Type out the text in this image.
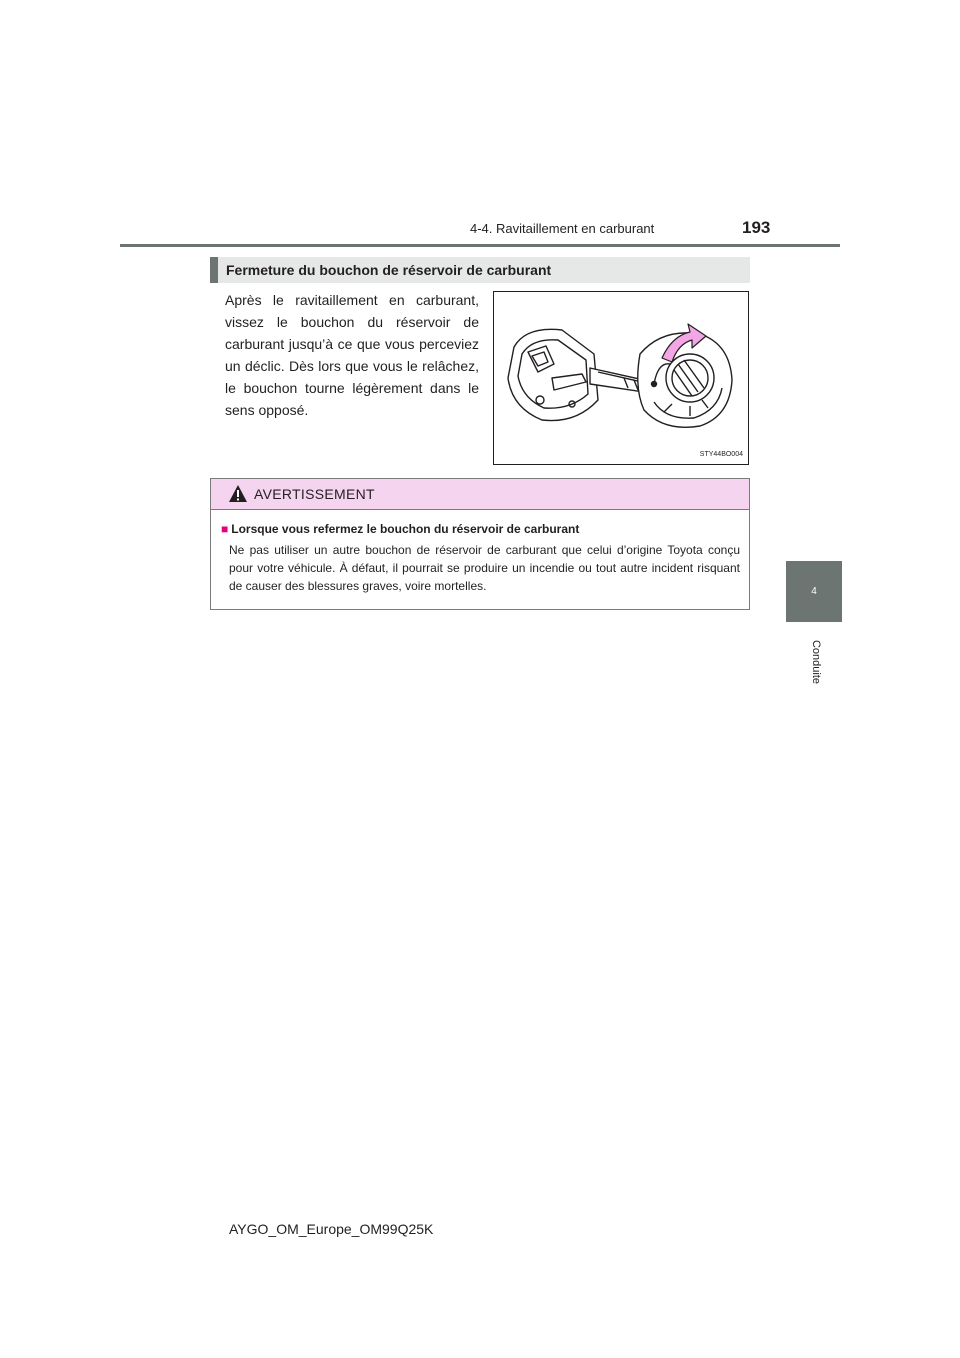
4-4. Ravitaillement en carburant	193
4
Conduite
Fermeture du bouchon de réservoir de carburant
Après le ravitaillement en carburant, vissez le bouchon du réservoir de carburant jusqu’à ce que vous perceviez un déclic. Dès lors que vous le relâchez, le bouchon tourne légèrement dans le sens opposé.
STY44BO004
AVERTISSEMENT
■ Lorsque vous refermez le bouchon du réservoir de carburant
Ne pas utiliser un autre bouchon de réservoir de carburant que celui d’origine Toyota conçu pour votre véhicule. À défaut, il pourrait se produire un incendie ou tout autre incident risquant de causer des blessures graves, voire mortelles.
AYGO_OM_Europe_OM99Q25K
